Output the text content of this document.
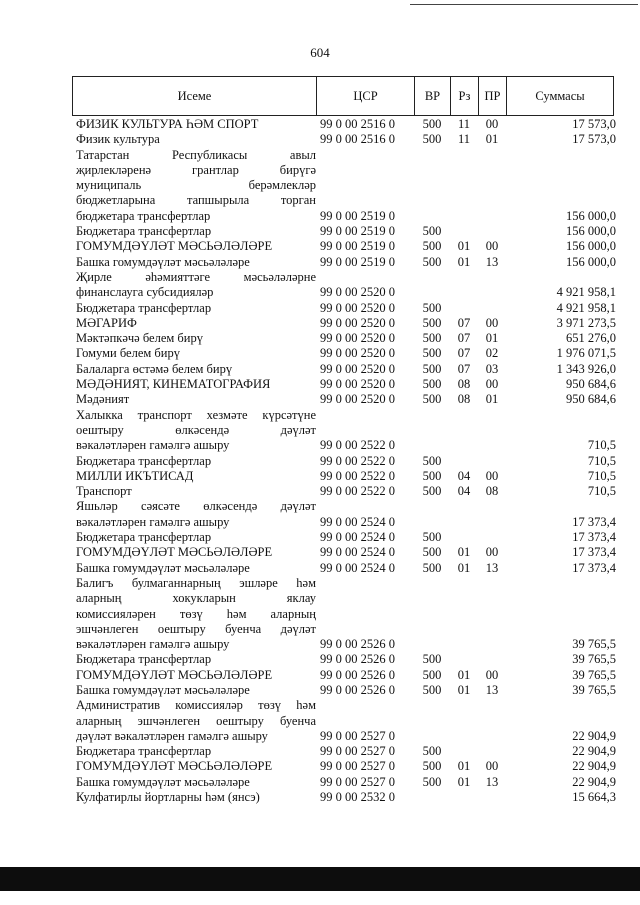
604
Исеме	ЦСР	ВР	Рз	ПР	Суммасы
ФИЗИК КУЛЬТУРА ҺӘМ СПОРТ	99 0 00 2516 0	500	11	00	17 573,0
Физик культура	99 0 00 2516 0	500	11	01	17 573,0
Татарстан Республикасы авыл
җирлекләренә грантлар бирүгә
муниципаль берәмлекләр
бюджетларына тапшырыла торган
бюджетара трансфертлар	99 0 00 2519 0	156 000,0
Бюджетара трансфертлар	99 0 00 2519 0	500	156 000,0
ГОМУМДӘҮЛӘТ МӘСЬӘЛӘЛӘРЕ	99 0 00 2519 0	500	01	00	156 000,0
Башка гомумдәүләт мәсьәләләре	99 0 00 2519 0	500	01	13	156 000,0
Җирле әһәмияттәге мәсьәләләрне
финанслауга субсидияләр	99 0 00 2520 0	4 921 958,1
Бюджетара трансфертлар	99 0 00 2520 0	500	4 921 958,1
МӘГАРИФ	99 0 00 2520 0	500	07	00	3 971 273,5
Мәктәпкәчә белем бирү	99 0 00 2520 0	500	07	01	651 276,0
Гомуми белем бирү	99 0 00 2520 0	500	07	02	1 976 071,5
Балаларга өстәмә белем бирү	99 0 00 2520 0	500	07	03	1 343 926,0
МӘДӘНИЯТ, КИНЕМАТОГРАФИЯ	99 0 00 2520 0	500	08	00	950 684,6
Мәдәният	99 0 00 2520 0	500	08	01	950 684,6
Халыкка транспорт хезмәте күрсәтүне
оештыру өлкәсендә дәүләт
вәкаләтләрен гамәлгә ашыру	99 0 00 2522 0	710,5
Бюджетара трансфертлар	99 0 00 2522 0	500	710,5
МИЛЛИ ИКЪТИСАД	99 0 00 2522 0	500	04	00	710,5
Транспорт	99 0 00 2522 0	500	04	08	710,5
Яшьләр сәясәте өлкәсендә дәүләт
вәкаләтләрен гамәлгә ашыру	99 0 00 2524 0	17 373,4
Бюджетара трансфертлар	99 0 00 2524 0	500	17 373,4
ГОМУМДӘҮЛӘТ МӘСЬӘЛӘЛӘРЕ	99 0 00 2524 0	500	01	00	17 373,4
Башка гомумдәүләт мәсьәләләре	99 0 00 2524 0	500	01	13	17 373,4
Балигъ булмаганнарның эшләре һәм
аларның хокукларын яклау
комиссияләрен төзү һәм аларның
эшчәнлеген оештыру буенча дәүләт
вәкаләтләрен гамәлгә ашыру	99 0 00 2526 0	39 765,5
Бюджетара трансфертлар	99 0 00 2526 0	500	39 765,5
ГОМУМДӘҮЛӘТ МӘСЬӘЛӘЛӘРЕ	99 0 00 2526 0	500	01	00	39 765,5
Башка гомумдәүләт мәсьәләләре	99 0 00 2526 0	500	01	13	39 765,5
Административ комиссияләр төзү һәм
аларның эшчәнлеген оештыру буенча
дәүләт вәкаләтләрен гамәлгә ашыру	99 0 00 2527 0	22 904,9
Бюджетара трансфертлар	99 0 00 2527 0	500	22 904,9
ГОМУМДӘҮЛӘТ МӘСЬӘЛӘЛӘРЕ	99 0 00 2527 0	500	01	00	22 904,9
Башка гомумдәүләт мәсьәләләре	99 0 00 2527 0	500	01	13	22 904,9
Кулфатирлы йортларны һәм (янсэ)	99 0 00 2532 0	15 664,3
